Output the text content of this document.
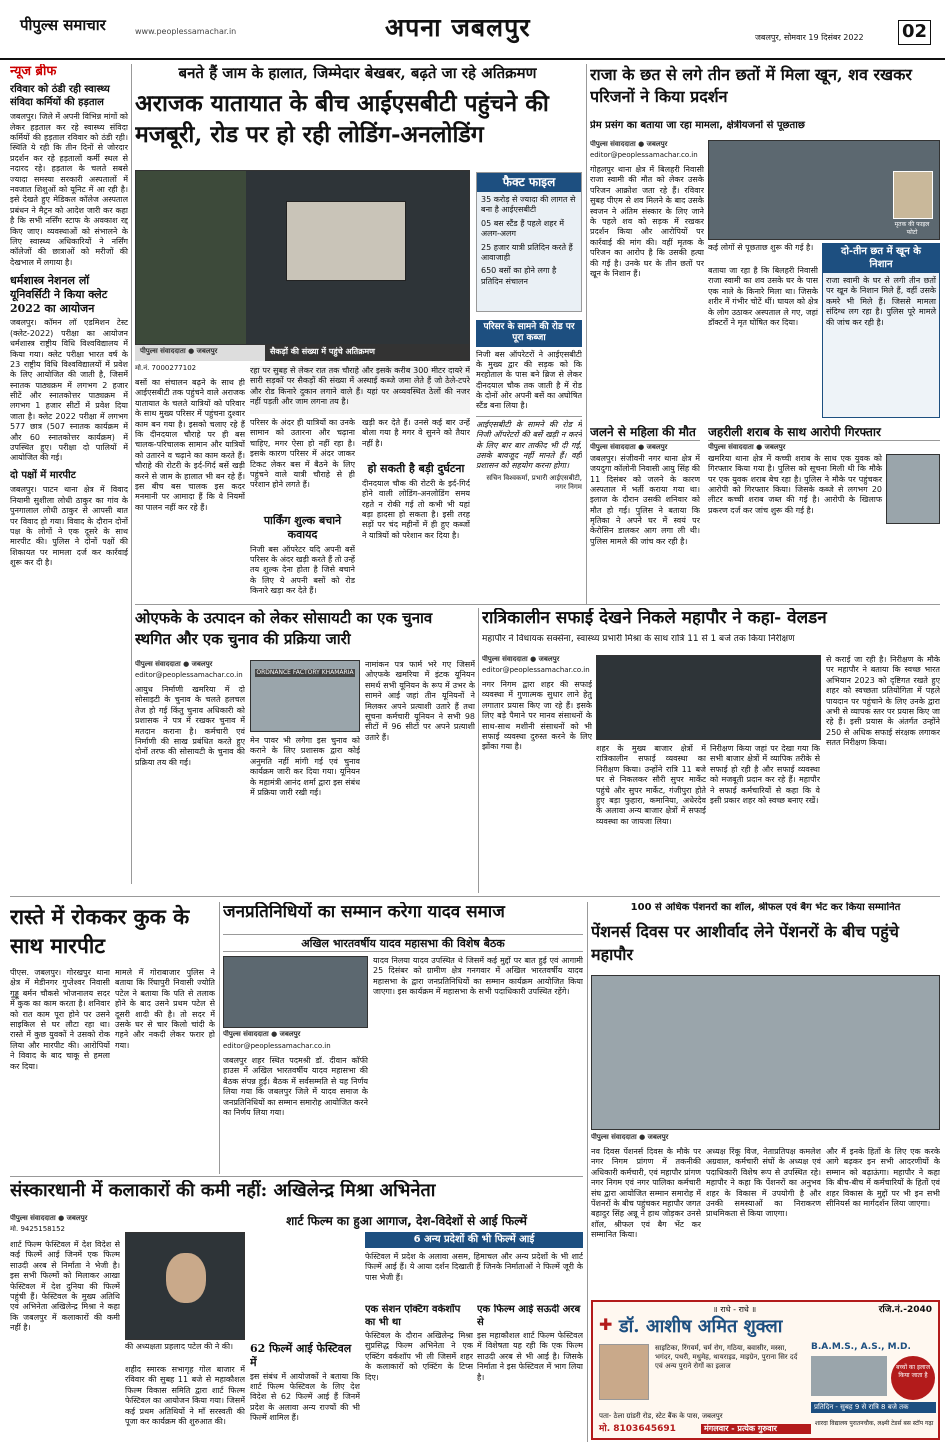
पीपुल्स समाचार	www.peoplessamachar.in	अपना जबलपुर	जबलपुर, सोमवार 19 दिसंबर 2022 02
न्यूज ब्रीफ
रविवार को ठंडी रही स्वास्थ्य संविदा कर्मियों की हड़ताल

जबलपुर। जिले में अपनी विभिन्न मांगों को लेकर हड़ताल कर रहे स्वास्थ्य संविदा कर्मियों की हड़ताल रविवार को ठंडी रही। स्थिति ये रही कि तीन दिनों से जोरदार प्रदर्शन कर रहे हड़तालों कर्मी स्थल से नदारद रहे। हड़ताल के चलते सबसे ज्यादा समस्या सरकारी अस्पतालों में नवजात शिशुओं को यूनिट में आ रही है। इसे देखते हुए मेडिकल कॉलेज अस्पताल प्रबंधन ने मैट्रन को आदेश जारी कर कहा है कि सभी नर्सिंग स्टाफ के अवकाश रद्द किए जाए। व्यवस्थाओं को संभालने के लिए स्वास्थ्य अधिकारियों ने नर्सिंग कॉलेजों की छात्राओं को मरीजों की देखभाल में लगाया है।

धर्मशास्त्र नेशनल लॉ यूनिवर्सिटी ने किया क्लेट 2022 का आयोजन

जबलपुर। कॉमन लॉ एडमिशन टेस्ट (क्लेट-2022) परीक्षा का आयोजन धर्मशास्त्र राष्ट्रीय विधि विश्वविद्यालय में किया गया। क्लेट परीक्षा भारत वर्ष के 23 राष्ट्रीय विधि विश्वविद्यालयों में प्रवेश के लिए आयोजित की जाती है, जिसमें स्नातक पाठ्यक्रम में लगभग 2 हजार सीटें और स्नातकोत्तर पाठ्यक्रम में लगभग 1 हजार सीटों में प्रवेश दिया जाता है। क्लेट 2022 परीक्षा में लगभग 577 छात्र (507 स्नातक कार्यक्रम में और 60 स्नातकोत्तर कार्यक्रम) में उपस्थित हुए। परीक्षा दो पालियों में आयोजित की गई।

दो पक्षों में मारपीट

जबलपुर। पाटन थाना क्षेत्र में विवाद नियामी सुशीला लोधी ठाकुर का गांव के पुनगालाल लोधी ठाकुर से आपसी बात पर विवाद हो गया। विवाद के दौरान दोनों पक्ष के लोगों ने एक दूसरे के साथ मारपीट की। पुलिस ने दोनों पक्षों की शिकायत पर मामला दर्ज कर कार्रवाई शुरू कर दी है।

बनते हैं जाम के हालात, जिम्मेदार बेखबर, बढ़ते जा रहे अतिक्रमण
अराजक यातायात के बीच आईएसबीटी पहुंचने की मजबूरी, रोड पर हो रही लोडिंग-अनलोडिंग
पीपुल्स संवाददाता ● जबलपुर	सैकड़ों की संख्या में पहुंचे अतिक्रमण
मो.नं. 7000277102

बसों का संचालन बढ़ने के साथ ही आईएसबीटी तक पहुंचने वाले अराजक यातायात के चलते यात्रियों को परिवार के साथ मुख्य परिसर में पहुंचना दुश्वार काम बन गया है। इसको चलाए रहे हैं कि दीनदयाल चौराहे पर ही बस चालक-परिचालक सामान और यात्रियों को उतारने व चढ़ाने का काम करते हैं। चौराहे की रोटरी के इर्द-गिर्द बसें खड़ी करने से जाम के हालात भी बन रहे हैं। इस बीच बस चालक इस कदर मनमानी पर आमादा हैं कि वे नियमों का पालन नहीं कर रहे हैं।

रहा पर सुबह से लेकर रात तक चौराहे और इसके करीब 300 मीटर दायरे में सारी सड़कों पर सैकड़ों की संख्या में अस्थाई कब्जे जमा लेते हैं जो ठेले-टपरे और रोड किनारे दुकान लगाने वाले हैं। यहां पर अव्यवस्थित ठेलों की नजर नहीं पड़ती और जाम लगना तय है।

परिसर के अंदर ही यात्रियों का उनके सामान को उतारना और चढ़ाना चाहिए, मगर ऐसा हो नहीं रहा है। इसके कारण परिसर में अंदर जाकर टिकट लेकर बस में बैठने के लिए पहुंचने वाले यात्री चौराहे से ही परेशान होने लगते हैं।

पार्किंग शुल्क बचाने कवायद

निजी बस ऑपरेटर यदि अपनी बसें परिसर के अंदर खड़ी करते हैं तो उन्हें तय शुल्क देना होता है जिसे बचाने के लिए ये अपनी बसों को रोड किनारे खड़ा कर देते हैं।

खड़ी कर देते हैं। उनसे कई बार उन्हें बोला गया है मगर वे सुनने को तैयार नहीं है।

हो सकती है बड़ी दुर्घटना

दीनदयाल चौक की रोटरी के इर्द-गिर्द होने वाली लोडिंग-अनलोडिंग समय रहते न रोकी गई तो कभी भी यहां बड़ा हादसा हो सकता है। इसी तरह सड़ों पर चंद महीनों में ही हुए कब्जों ने यात्रियों को परेशान कर दिया है।

फैक्ट फाइल
35 करोड़ से ज्यादा की लागत से बना है आईएसबीटी
05 बस स्टैंड हैं पहले शहर में अलग-अलग
25 हजार यात्री प्रतिदिन करते हैं आवाजाही
650 बसों का होने लगा है प्रतिदिन संचालन
परिसर के सामने की रोड पर पूरा कब्जा

निजी बस ऑपरेटरों ने आईएसबीटी के मुख्य द्वार की सड़क को कि मरहोताल के पास बने ब्रिज से लेकर दीनदयाल चौक तक जाती है में रोड के दोनों ओर अपनी बसें का अघोषित स्टैंड बना लिया है।

आईएसबीटी के सामने की रोड में निजी ऑपरेटरों की बसें खड़ी न करने के लिए बार बार ताकीद भी दी गई, उसके बावजूद नहीं मानते हैं। वहीं प्रशासन को सहयोग करना होगा।

सचिन विश्वकर्मा, प्रभारी आईएसबीटी, नगर निगम

राजा के छत से लगे तीन छतों में मिला खून, शव रखकर परिजनों ने किया प्रदर्शन
प्रेम प्रसंग का बताया जा रहा मामला, क्षेत्रीयजनों से पूछताछ
पीपुल्स संवाददाता ● जबलपुर
editor@peoplessamachar.co.in

गोहलपुर थाना क्षेत्र में बिलहरी निवासी राजा स्वामी की मौत को लेकर उसके परिजन आक्रोश जता रहे हैं। रविवार सुबह पीएम से शव मिलने के बाद उसके स्वजन ने अंतिम संस्कार के लिए जाने के पहले शव को सड़क में रखकर प्रदर्शन किया और आरोपियों पर कार्रवाई की मांग की। वहीं मृतक के परिजन का आरोप है कि उसकी हत्या की गई है। उनके घर के तीन छतों पर खून के निशान हैं।

मृतक की फाइल फोटो
कई लोगों से पूछताछ शुरू की गई है।

बताया जा रहा है कि बिलहरी निवासी राजा स्वामी का शव उसके घर के पास एक नाले के किनारे मिला था। जिसके शरीर में गंभीर चोटें थीं। घायल को क्षेत्र के लोग उठाकर अस्पताल ले गए, जहां डॉक्टरों ने मृत घोषित कर दिया।

दो-तीन छत में खून के निशान

राजा स्वामी के घर से लगी तीन छतों पर खून के निशान मिले हैं, वहीं उसके कमरे भी मिले हैं। जिससे मामला संदिग्ध लग रहा है। पुलिस पूरे मामले की जांच कर रही है।

जलने से महिला की मौत
पीपुल्स संवाददाता ● जबलपुर

जबलपुर। संजीवनी नगर थाना क्षेत्र में जयदुगा कॉलोनी निवासी आयु सिंह की 11 दिसंबर को जलने के कारण अस्पताल में भर्ती कराया गया था। इलाज के दौरान उसकी शनिवार को मौत हो गई। पुलिस ने बताया कि मृतिका ने अपने घर में स्वयं पर केरोसिन डालकर आग लगा ली थी। पुलिस मामले की जांच कर रही है।

जहरीली शराब के साथ आरोपी गिरफ्तार
पीपुल्स संवाददाता ● जबलपुर

खमरिया थाना क्षेत्र में कच्ची शराब के साथ एक युवक को गिरफ्तार किया गया है। पुलिस को सूचना मिली थी कि मौके पर एक युवक शराब बेच रहा है। पुलिस ने मौके पर पहुंचकर आरोपी को गिरफ्तार किया। जिसके कब्जे से लगभग 20 लीटर कच्ची शराब जब्त की गई है। आरोपी के खिलाफ प्रकरण दर्ज कर जांच शुरू की गई है।

ओएफके के उत्पादन को लेकर सोसायटी का एक चुनाव स्थगित और एक चुनाव की प्रक्रिया जारी
पीपुल्स संवाददाता ● जबलपुर
editor@peoplessamachar.co.in

आयुध निर्माणी खमरिया में दो सोसाइटी के चुनाव के चलते हलचल तेज हो गई किंतु चुनाव अधिकारी को प्रशासक ने पत्र में रखकर चुनाव में मतदान कराना है। कर्मचारी एवं निर्माणी की साख प्रबंधित करते हुए दोनों तरफ की सोसायटी के चुनाव की प्रक्रिया तय की गई।

ORDNANCE FACTORY KHAMARIA

मेन पावर भी लगेगा इस चुनाव को कराने के लिए प्रशासक द्वारा कोई अनुमति नहीं मांगी गई एवं चुनाव कार्यक्रम जारी कर दिया गया। यूनियन के महामंत्री आनंद शर्मा द्वारा इस संबंध में प्रक्रिया जारी रखी गई।

नामांकन पत्र फार्म भरे गए जिसमें ओएफके खमरिया में इंटक यूनियन समर्थ सभी यूनियन के रूप में उभर के सामने आई जहां तीन यूनियनों ने मिलकर अपने प्रत्याशी उतारे हैं तथा सूचना कर्मचारी यूनियन ने सभी 98 सीटों में 96 सीटों पर अपने प्रत्याशी उतारे हैं।

रात्रिकालीन सफाई देखने निकले महापौर ने कहा- वेलडन
महापौर ने विधायक सक्सेना, स्वास्थ्य प्रभारी मिश्रा के साथ रात्रि 11 से 1 बजे तक किया निरीक्षण
पीपुल्स संवाददाता ● जबलपुर
editor@peoplessamachar.co.in

नगर निगम द्वारा शहर की सफाई व्यवस्था में गुणात्मक सुधार लाने हेतु लगातार प्रयास किए जा रहे हैं। इसके लिए बड़े पैमाने पर मानव संसाधनों के साथ-साथ मशीनी संसाधनों को भी सफाई व्यवस्था दुरुस्त करने के लिए झोंका गया है।	शहर के मुख्य बाजार क्षेत्रों में रात्रिकालीन सफाई व्यवस्था का निरीक्षण किया। उन्होंने रात्रि 11 बजे घर से निकलकर सौरी सुपर मार्केट पहुंचे और सुपर मार्केट, गंजीपुरा होते हुए बड़ा फुहारा, कमानिया, अधेरदेव के अलावा अन्य बाजार क्षेत्रों में सफाई व्यवस्था का जायजा लिया।

निरीक्षण किया जहां पर देखा गया कि सभी बाजार क्षेत्रों में व्यापिक तरीके से सफाई हो रही है और सफाई व्यवस्था को मजबूती प्रदान कर रहे हैं। महापौर ने सफाई कर्मचारियों से कहा कि वे इसी प्रकार शहर को स्वच्छ बनाए रखें।

से कराई जा रही है। निरीक्षण के मौके पर महापौर ने बताया कि स्वच्छ भारत अभियान 2023 को दृष्टिगत रखते हुए शहर को स्वच्छता प्रतियोगिता में पहले पायदान पर पहुंचाने के लिए उनके द्वारा अभी से व्यापक स्तर पर प्रयास किए जा रहे हैं। इसी प्रयास के अंतर्गत उन्होंने 250 से अधिक सफाई संरक्षक लगाकर सतत निरीक्षण किया।

रास्ते में रोककर कुक के साथ मारपीट

पीएस. जबलपुर। गोरखपुर थाना क्षेत्र में मेडीनगर गुप्तेश्वर निवासी गुड्डू बर्मन चौकसे भोजनालय सदर में कुक का काम करता है। शनिवार को रात काम पूरा होने पर उसने साइकिल से घर लौटा रहा था। रास्ते में कुछ युवकों ने उसको रोक लिया और मारपीट की। आरोपियों ने विवाद के बाद चाकू से हमला कर दिया।

मामले में गोराबाजार पुलिस ने बताया कि रिंघापुरी निवासी ज्योति पटेल ने बताया कि पति से तलाक होने के बाद उसने प्रथम पटेल से दूसरी शादी की है। तो सदर में उसके घर से चार किलो चांदी के गहने और नकदी लेकर फरार हो गया।

जनप्रतिनिधियों का सम्मान करेगा यादव समाज
अखिल भारतवर्षीय यादव महासभा की विशेष बैठक
पीपुल्स संवाददाता ● जबलपुर
editor@peoplessamachar.co.in

जबलपुर शहर स्थित पदमश्री डॉ. दीवान कॉफी हाउस में अखिल भारतवर्षीय यादव महासभा की बैठक संपन्न हुई। बैठक में सर्वसम्मति से यह निर्णय लिया गया कि जबलपुर जिले में यादव समाज के जनप्रतिनिधियों का सम्मान समारोह आयोजित करने का निर्णय लिया गया।

यादव निलया यादव उपस्थित थे जिसमें कई मुद्दों पर बात हुई एवं आगामी 25 दिसंबर को ग्रामीण क्षेत्र गनगवार में अखिल भारतवर्षीय यादव महासभा के द्वारा जनप्रतिनिधियों का सम्मान कार्यक्रम आयोजित किया जाएगा। इस कार्यक्रम में महासभा के सभी पदाधिकारी उपस्थित रहेंगे।

100 से अधिक पेंशनरों का शॉल, श्रीफल एवं बैग भेंट कर किया सम्मानित
पेंशनर्स दिवस पर आशीर्वाद लेने पेंशनरों के बीच पहुंचे महापौर
पीपुल्स संवाददाता ● जबलपुर

नव दिवस पेंशनर्स दिवस के मौके पर नगर निगम प्रांगण में तकनीकी अधिकारी कर्मचारी, एवं महापौर प्रांगण नगर निगम एवं नगर पालिका कर्मचारी संघ द्वारा आयोजित सम्मान समारोह में पेंशनरों के बीच पहुंचकर महापौर जगत बहादुर सिंह अन्नू ने हाथ जोड़कर उनसे शॉल, श्रीफल एवं बैग भेंट कर सम्मानित किया।

अध्यक्ष रिंकू विज, नेताप्रतिपक्ष कमलेश अग्रवाल, कर्मचारी संघों के अध्यक्ष एवं पदाधिकारी विशेष रूप से उपस्थित रहे। महापौर ने कहा कि पेंशनरों का अनुभव शहर के विकास में उपयोगी है और उनकी समस्याओं का निराकरण प्राथमिकता से किया जाएगा।

और मैं इनके हितों के लिए एक करके आगे बढ़कर इन सभी आदरणीयों के सम्मान को बढ़ाऊंगा। महापौर ने कहा कि बीच-बीच में कर्मचारियों के हितों एवं शहर विकास के मुद्दों पर भी इन सभी सीनियर्स का मार्गदर्शन लिया जाएगा।

संस्कारधानी में कलाकारों की कमी नहीं: अखिलेन्द्र मिश्रा अभिनेता
पीपुल्स संवाददाता ● जबलपुर
मो. 9425158152
शार्ट फिल्म का हुआ आगाज, देश-विदेशों से आई फिल्में

शार्ट फिल्म फेस्टिवल में देश विदेश से कई फिल्में आई जिनमें एक फिल्म साउदी अरब से निर्माता ने भेजी है। इस सभी फिल्मों को मिलाकर आखा फेस्टिवल में देश दुनिया की फिल्में पहुंची हैं। फेस्टिवल के मुख्य अतिथि एवं अभिनेता अखिलेन्द्र मिश्रा ने कहा कि जबलपुर में कलाकारों की कमी नहीं है।

की अध्यक्षता प्रहलाद पटेल की ने की।

शहीद स्मारक सभागृह गोल बाजार में रविवार की सुबह 11 बजे से महाकौशल फिल्म विकास समिति द्वारा शार्ट फिल्म फेस्टिवल का आयोजन किया गया। जिसमें कई प्रथम अतिथियों ने माँ सरस्वती की पूजा कर कार्यक्रम की शुरुआत की।

62 फिल्में आई फेस्टिवल में

इस संबंध में आयोजकों ने बताया कि शार्ट फिल्म फेस्टिवल के लिए देश विदेश से 62 फिल्में आई हैं जिनमें प्रदेश के अलावा अन्य राज्यों की भी फिल्में शामिल हैं।

6 अन्य प्रदेशों की भी फिल्में आई

फेस्टिवल में प्रदेश के अलावा असम, हिमाचल और अन्य प्रदेशों के भी शार्ट फिल्में आई हैं। ये आया दर्शन दिखाती हैं जिनके निर्माताओं ने फिल्में जूरी के पास भेजी हैं।

एक सेशन एक्टिंग वर्कशॉप का भी था

फेस्टिवल के दौरान अखिलेन्द्र मिश्रा सुप्रसिद्ध फिल्म अभिनेता ने एक एक्टिंग वर्कशॉप भी ली जिसमें शहर के कलाकारों को एक्टिंग के टिप्स दिए।

एक फिल्म आई सऊदी अरब से

इस महाकौशल शार्ट फिल्म फेस्टिवल में विशेषता यह रही कि एक फिल्म साउदी अरब से भी आई है। जिसके निर्माता ने इस फेस्टिवल में भाग लिया है।

॥ राधे - राधे ॥	रजि.नं.-2040
✚ डॉ. आशीष अमित शुक्ला
साइटिका, रिंगवर्म, चर्म रोग, गठिया, बवासीर, मस्सा, भगंदर, पथरी, मधुमेह, थायराइड, माइग्रेन, पुराना सिर दर्द एवं अन्य पुराने रोगों का इलाज
B.A.M.S., A.S., M.D.
बच्चों का इलाज किया जाता है
प्रतिदिन - सुबह 9 से रात्रि 8 बजे तक
पता- ठेला ग्रांडरी रोड, स्टेट बैंक के पास, जबलपुर
मो. 8103645691	मंगलवार - प्रत्येक गुरुवार
शारदा विद्यालय पुरातनचौक, लक्ष्मी टेडर्स बस स्टॉप गढ़ा
